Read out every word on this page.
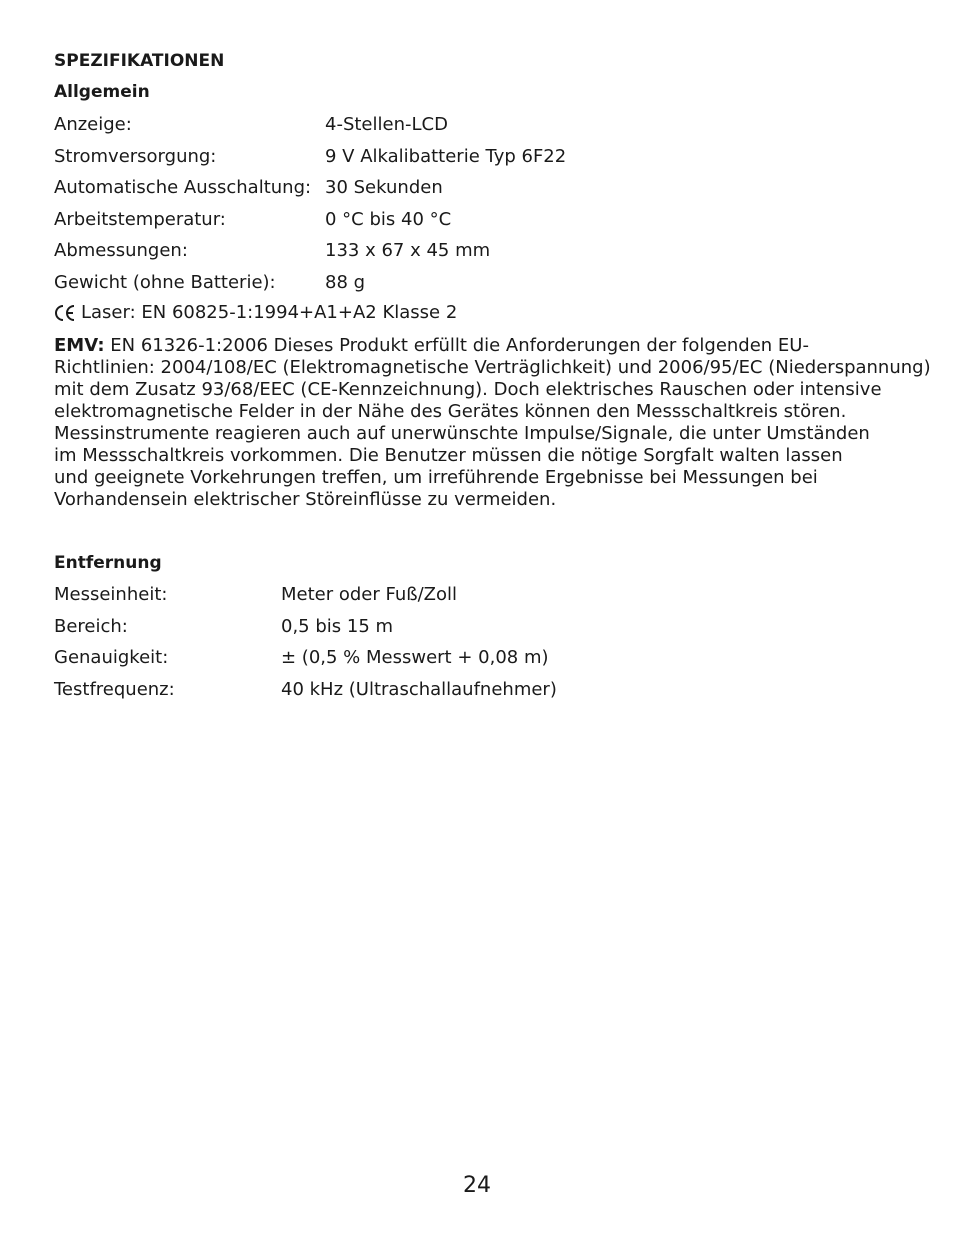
SPEZIFIKATIONEN
Allgemein
Anzeige:	4-Stellen-LCD
Stromversorgung:	9 V Alkalibatterie Typ 6F22
Automatische Ausschaltung: 30 Sekunden
Arbeitstemperatur:	0 °C bis 40 °C
Abmessungen:	133 x 67 x 45 mm
Gewicht (ohne Batterie):	88 g
Laser: EN 60825-1:1994+A1+A2 Klasse 2
EMV: EN 61326-1:2006 Dieses Produkt erfüllt die Anforderungen der folgenden EU-
Richtlinien: 2004/108/EC (Elektromagnetische Verträglichkeit) und 2006/95/EC (Niederspannung)
mit dem Zusatz 93/68/EEC (CE-Kennzeichnung). Doch elektrisches Rauschen oder intensive
elektromagnetische Felder in der Nähe des Gerätes können den Messschaltkreis stören.
Messinstrumente reagieren auch auf unerwünschte Impulse/Signale, die unter Umständen
im Messschaltkreis vorkommen. Die Benutzer müssen die nötige Sorgfalt walten lassen
und geeignete Vorkehrungen treffen, um irreführende Ergebnisse bei Messungen bei
Vorhandensein elektrischer Störeinflüsse zu vermeiden.
Entfernung
Messeinheit:	Meter oder Fuß/Zoll
Bereich:	0,5 bis 15 m
Genauigkeit:	± (0,5 % Messwert + 0,08 m)
Testfrequenz:	40 kHz (Ultraschallaufnehmer)
24
